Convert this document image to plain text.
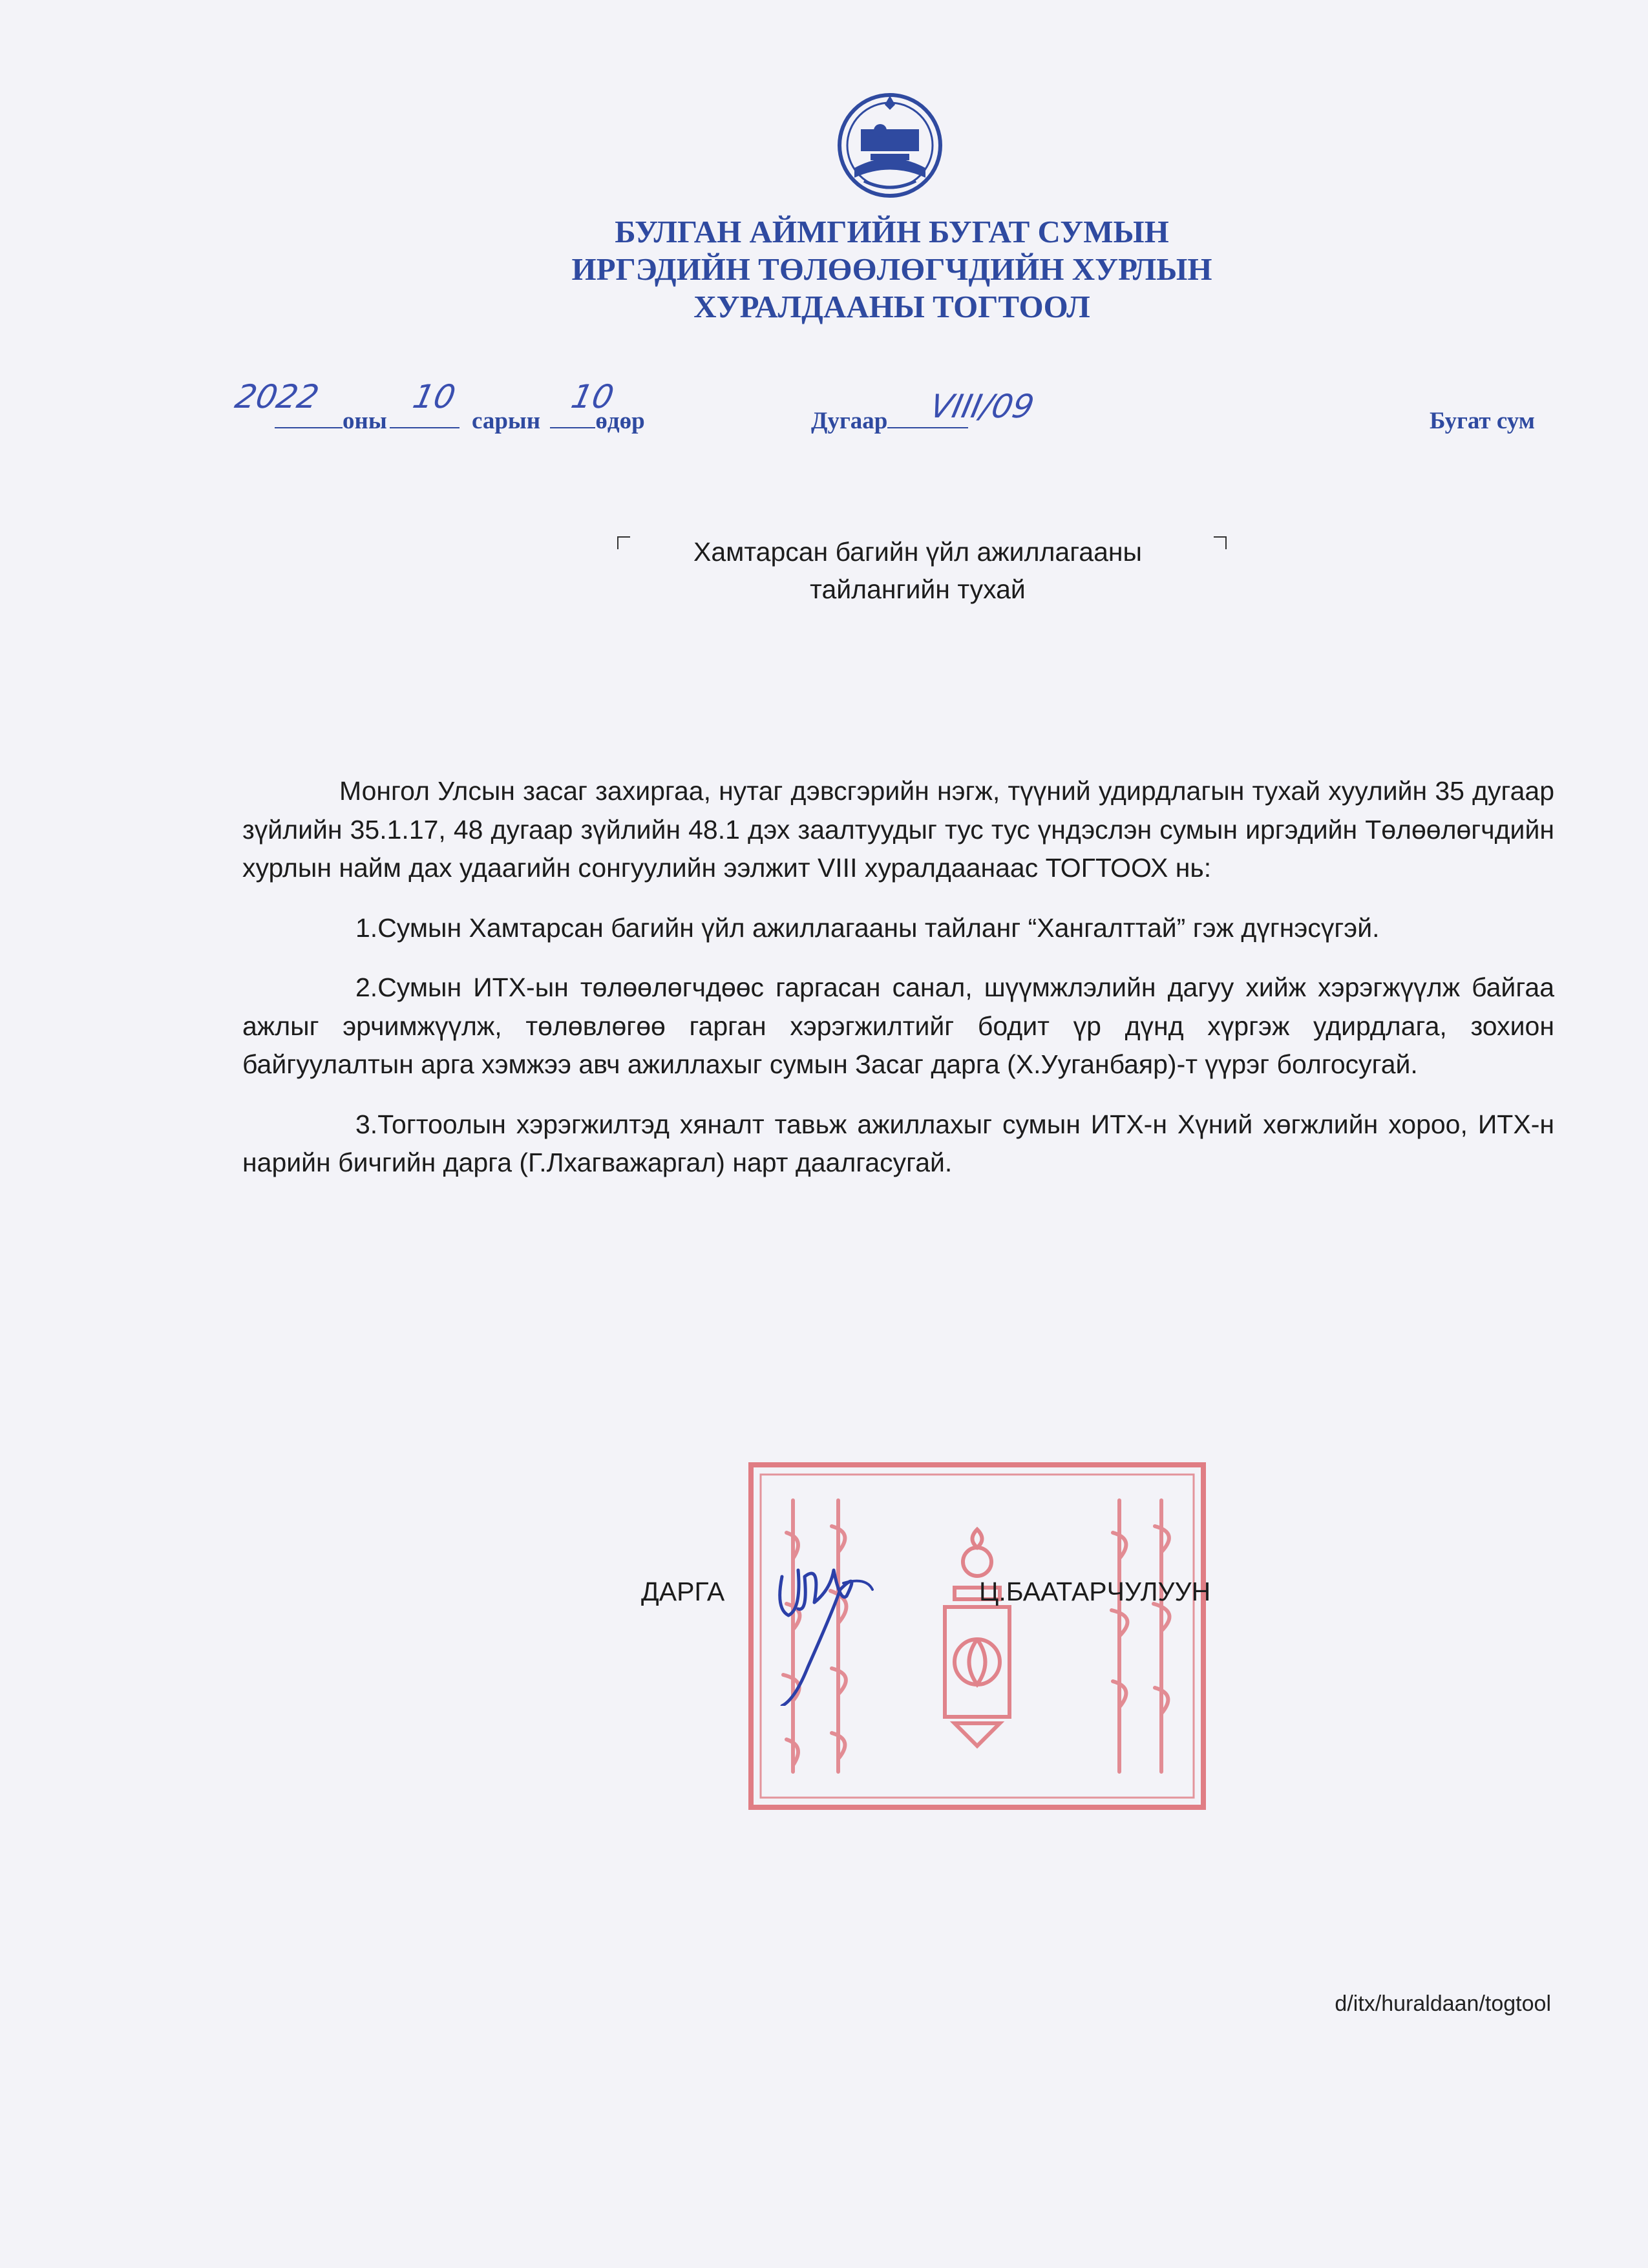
БУЛГАН АЙМГИЙН БУГАТ СУМЫН
ИРГЭДИЙН ТӨЛӨӨЛӨГЧДИЙН ХУРЛЫН
ХУРАЛДААНЫ ТОГТООЛ
оны	сарын өдөр
2022	10	10
Дугаар	VIII/09	Бугат сум
Хамтарсан багийн үйл ажиллагааны
тайлангийн тухай

Монгол Улсын засаг захиргаа, нутаг дэвсгэрийн нэгж, түүний удирдлагын тухай хуулийн 35 дугаар зүйлийн 35.1.17, 48 дугаар зүйлийн 48.1 дэх заалтуудыг тус тус үндэслэн сумын иргэдийн Төлөөлөгчдийн хурлын найм дах удаагийн сонгуулийн ээлжит VIII хуралдаанаас ТОГТООХ нь:

1.Сумын Хамтарсан багийн үйл ажиллагааны тайланг “Хангалттай” гэж дүгнэсүгэй.

2.Сумын ИТХ-ын төлөөлөгчдөөс гаргасан санал, шүүмжлэлийн дагуу хийж хэрэгжүүлж байгаа ажлыг эрчимжүүлж, төлөвлөгөө гарган хэрэгжилтийг бодит үр дүнд хүргэж удирдлага, зохион байгуулалтын арга хэмжээ авч ажиллахыг сумын Засаг дарга (Х.Ууганбаяр)-т үүрэг болгосугай.

3.Тогтоолын хэрэгжилтэд хяналт тавьж ажиллахыг сумын ИТХ-н Хүний хөгжлийн хороо, ИТХ-н нарийн бичгийн дарга (Г.Лхагважаргал) нарт даалгасугай.

ДАРГА	Ц.БААТАРЧУЛУУН
d/itx/huraldaan/togtool
